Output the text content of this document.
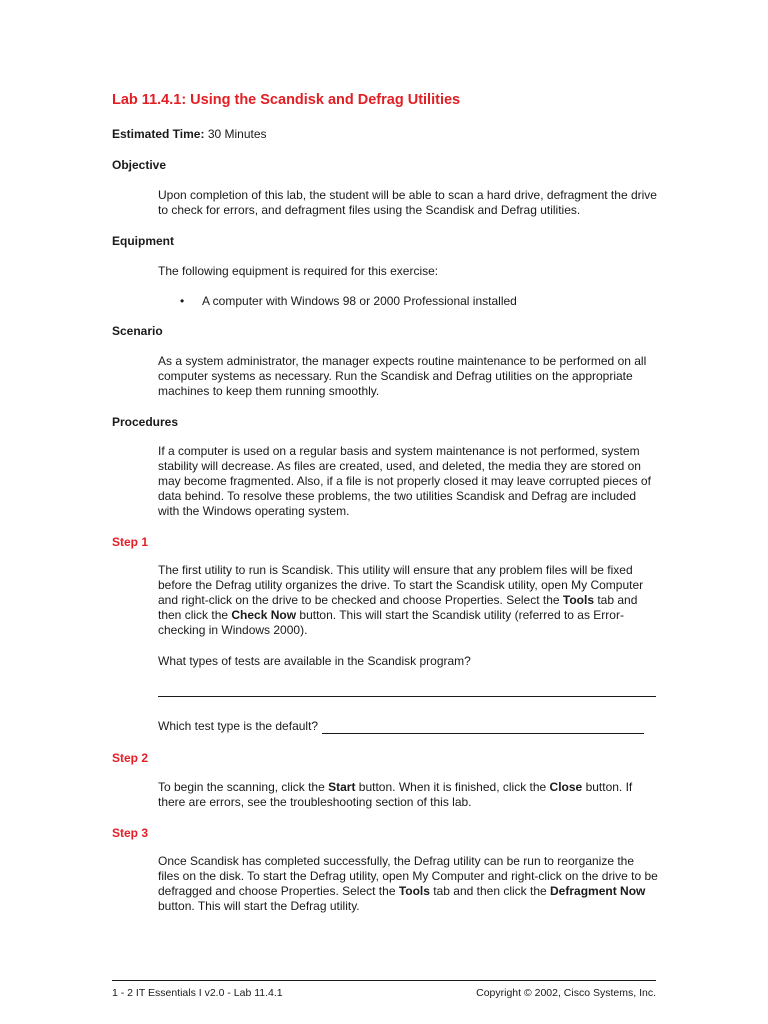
Lab 11.4.1: Using the Scandisk and Defrag Utilities
Estimated Time: 30 Minutes
Objective

Upon completion of this lab, the student will be able to scan a hard drive, defragment the drive to check for errors, and defragment files using the Scandisk and Defrag utilities.

Equipment

The following equipment is required for this exercise:

• A computer with Windows 98 or 2000 Professional installed
Scenario

As a system administrator, the manager expects routine maintenance to be performed on all computer systems as necessary. Run the Scandisk and Defrag utilities on the appropriate machines to keep them running smoothly.

Procedures

If a computer is used on a regular basis and system maintenance is not performed, system stability will decrease. As files are created, used, and deleted, the media they are stored on may become fragmented. Also, if a file is not properly closed it may leave corrupted pieces of data behind. To resolve these problems, the two utilities Scandisk and Defrag are included with the Windows operating system.

Step 1

The first utility to run is Scandisk. This utility will ensure that any problem files will be fixed before the Defrag utility organizes the drive. To start the Scandisk utility, open My Computer and right-click on the drive to be checked and choose Properties. Select the Tools tab and then click the Check Now button. This will start the Scandisk utility (referred to as Error-checking in Windows 2000).

What types of tests are available in the Scandisk program?

Which test type is the default?
Step 2

To begin the scanning, click the Start button. When it is finished, click the Close button. If there are errors, see the troubleshooting section of this lab.

Step 3

Once Scandisk has completed successfully, the Defrag utility can be run to reorganize the files on the disk. To start the Defrag utility, open My Computer and right-click on the drive to be defragged and choose Properties. Select the Tools tab and then click the Defragment Now button. This will start the Defrag utility.

1 - 2 IT Essentials I v2.0 - Lab 11.4.1	Copyright © 2002, Cisco Systems, Inc.
